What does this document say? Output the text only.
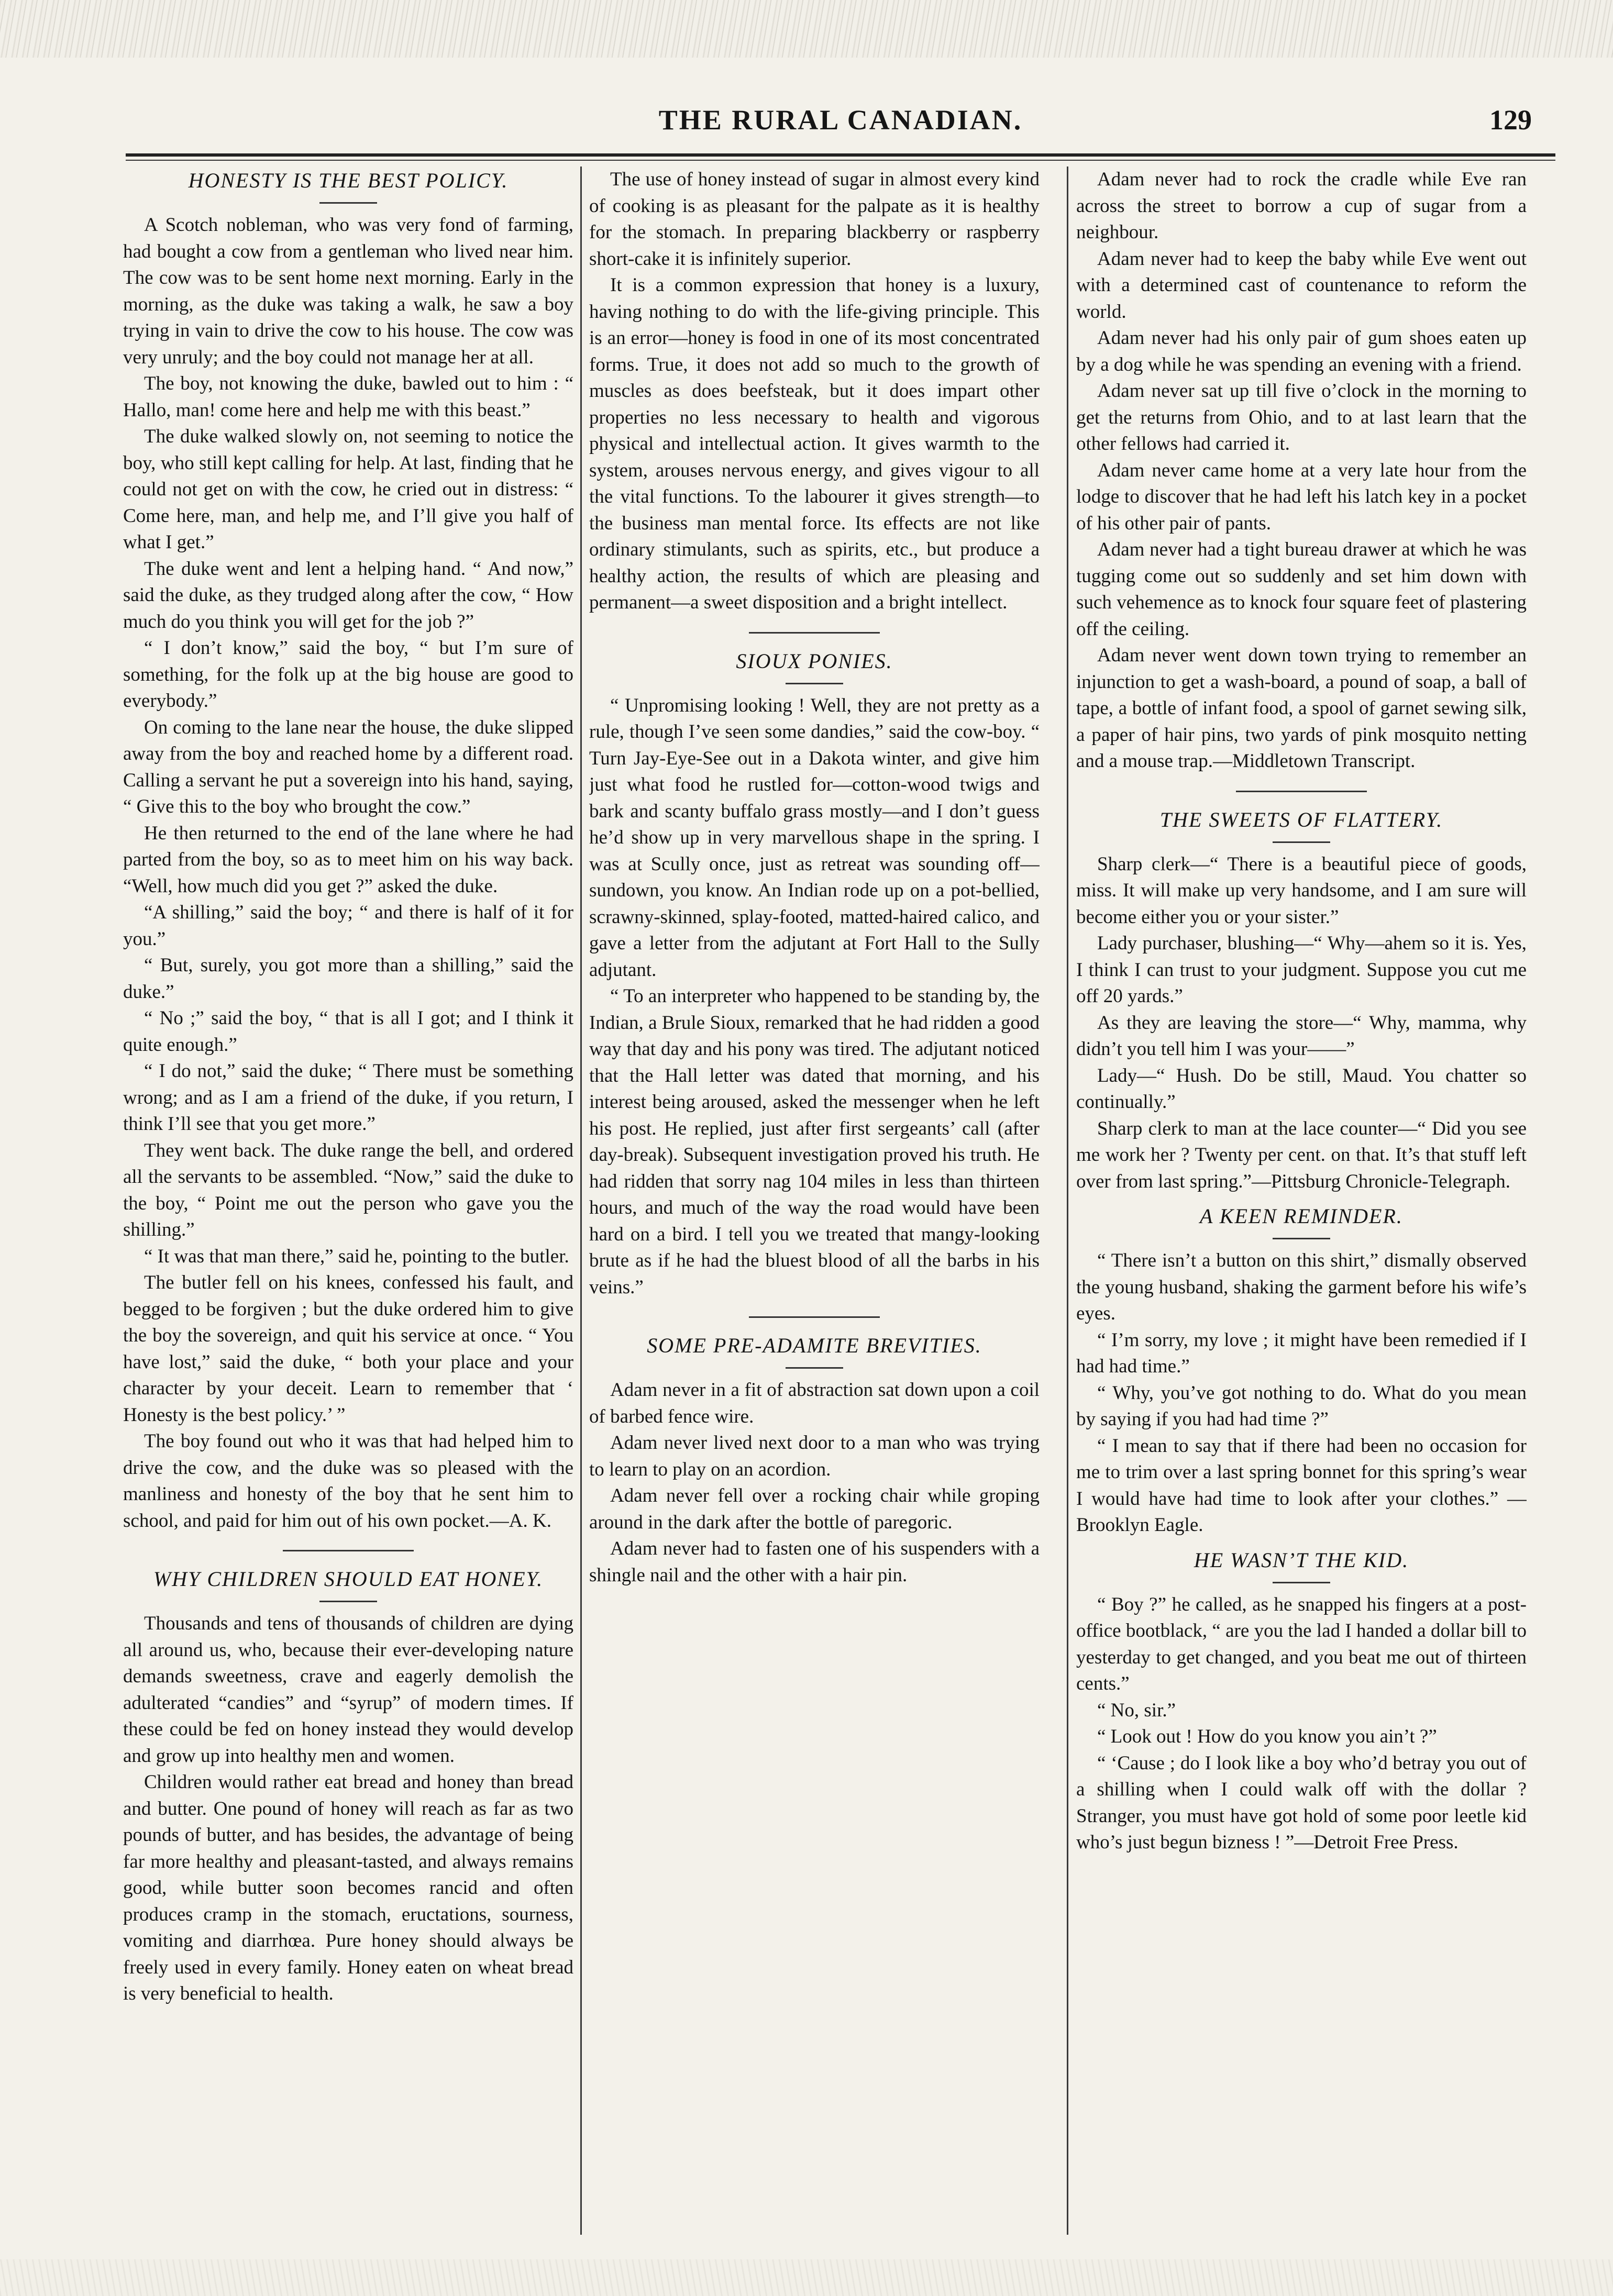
THE RURAL CANADIAN.	129
HONESTY IS THE BEST POLICY.

A Scotch nobleman, who was very fond of farming, had bought a cow from a gentleman who lived near him. The cow was to be sent home next morning. Early in the morning, as the duke was taking a walk, he saw a boy trying in vain to drive the cow to his house. The cow was very unruly; and the boy could not manage her at all.

The boy, not knowing the duke, bawled out to him : “ Hallo, man! come here and help me with this beast.”

The duke walked slowly on, not seeming to notice the boy, who still kept calling for help. At last, finding that he could not get on with the cow, he cried out in distress: “ Come here, man, and help me, and I’ll give you half of what I get.”

The duke went and lent a helping hand. “ And now,” said the duke, as they trudged along after the cow, “ How much do you think you will get for the job ?”

“ I don’t know,” said the boy, “ but I’m sure of something, for the folk up at the big house are good to everybody.”

On coming to the lane near the house, the duke slipped away from the boy and reached home by a different road. Calling a servant he put a sovereign into his hand, saying, “ Give this to the boy who brought the cow.”

He then returned to the end of the lane where he had parted from the boy, so as to meet him on his way back. “Well, how much did you get ?” asked the duke.

“A shilling,” said the boy; “ and there is half of it for you.”

“ But, surely, you got more than a shilling,” said the duke.”

“ No ;” said the boy, “ that is all I got; and I think it quite enough.”

“ I do not,” said the duke; “ There must be something wrong; and as I am a friend of the duke, if you return, I think I’ll see that you get more.”

They went back. The duke range the bell, and ordered all the servants to be assembled. “Now,” said the duke to the boy, “ Point me out the person who gave you the shilling.”

“ It was that man there,” said he, pointing to the butler.

The butler fell on his knees, confessed his fault, and begged to be forgiven ; but the duke ordered him to give the boy the sovereign, and quit his service at once. “ You have lost,” said the duke, “ both your place and your character by your deceit. Learn to remember that ‘ Honesty is the best policy.’ ”

The boy found out who it was that had helped him to drive the cow, and the duke was so pleased with the manliness and honesty of the boy that he sent him to school, and paid for him out of his own pocket.—A. K.

WHY CHILDREN SHOULD EAT HONEY.

Thousands and tens of thousands of children are dying all around us, who, because their ever-developing nature demands sweetness, crave and eagerly demolish the adulterated “candies” and “syrup” of modern times. If these could be fed on honey instead they would develop and grow up into healthy men and women.

Children would rather eat bread and honey than bread and butter. One pound of honey will reach as far as two pounds of butter, and has besides, the advantage of being far more healthy and pleasant-tasted, and always remains good, while butter soon becomes rancid and often produces cramp in the stomach, eructations, sourness, vomiting and diarrhœa. Pure honey should always be freely used in every family. Honey eaten on wheat bread is very beneficial to health.

The use of honey instead of sugar in almost every kind of cooking is as pleasant for the palpate as it is healthy for the stomach. In preparing blackberry or raspberry short-cake it is infinitely superior.

It is a common expression that honey is a luxury, having nothing to do with the life-giving principle. This is an error—honey is food in one of its most concentrated forms. True, it does not add so much to the growth of muscles as does beefsteak, but it does impart other properties no less necessary to health and vigorous physical and intellectual action. It gives warmth to the system, arouses nervous energy, and gives vigour to all the vital functions. To the labourer it gives strength—to the business man mental force. Its effects are not like ordinary stimulants, such as spirits, etc., but produce a healthy action, the results of which are pleasing and permanent—a sweet disposition and a bright intellect.

SIOUX PONIES.

“ Unpromising looking ! Well, they are not pretty as a rule, though I’ve seen some dandies,” said the cow-boy. “ Turn Jay-Eye-See out in a Dakota winter, and give him just what food he rustled for—cotton-wood twigs and bark and scanty buffalo grass mostly—and I don’t guess he’d show up in very marvellous shape in the spring. I was at Scully once, just as retreat was sounding off—sundown, you know. An Indian rode up on a pot-bellied, scrawny-skinned, splay-footed, matted-haired calico, and gave a letter from the adjutant at Fort Hall to the Sully adjutant.

“ To an interpreter who happened to be standing by, the Indian, a Brule Sioux, remarked that he had ridden a good way that day and his pony was tired. The adjutant noticed that the Hall letter was dated that morning, and his interest being aroused, asked the messenger when he left his post. He replied, just after first sergeants’ call (after day-break). Subsequent investigation proved his truth. He had ridden that sorry nag 104 miles in less than thirteen hours, and much of the way the road would have been hard on a bird. I tell you we treated that mangy-looking brute as if he had the bluest blood of all the barbs in his veins.”

SOME PRE-ADAMITE BREVITIES.

Adam never in a fit of abstraction sat down upon a coil of barbed fence wire.

Adam never lived next door to a man who was trying to learn to play on an acordion.

Adam never fell over a rocking chair while groping around in the dark after the bottle of paregoric.

Adam never had to fasten one of his suspenders with a shingle nail and the other with a hair pin.

Adam never had to rock the cradle while Eve ran across the street to borrow a cup of sugar from a neighbour.

Adam never had to keep the baby while Eve went out with a determined cast of countenance to reform the world.

Adam never had his only pair of gum shoes eaten up by a dog while he was spending an evening with a friend.

Adam never sat up till five o’clock in the morning to get the returns from Ohio, and to at last learn that the other fellows had carried it.

Adam never came home at a very late hour from the lodge to discover that he had left his latch key in a pocket of his other pair of pants.

Adam never had a tight bureau drawer at which he was tugging come out so suddenly and set him down with such vehemence as to knock four square feet of plastering off the ceiling.

Adam never went down town trying to remember an injunction to get a wash-board, a pound of soap, a ball of tape, a bottle of infant food, a spool of garnet sewing silk, a paper of hair pins, two yards of pink mosquito netting and a mouse trap.—Middletown Transcript.

THE SWEETS OF FLATTERY.

Sharp clerk—“ There is a beautiful piece of goods, miss. It will make up very handsome, and I am sure will become either you or your sister.”

Lady purchaser, blushing—“ Why—ahem so it is. Yes, I think I can trust to your judgment. Suppose you cut me off 20 yards.”

As they are leaving the store—“ Why, mamma, why didn’t you tell him I was your——”

Lady—“ Hush. Do be still, Maud. You chatter so continually.”

Sharp clerk to man at the lace counter—“ Did you see me work her ? Twenty per cent. on that. It’s that stuff left over from last spring.”—Pittsburg Chronicle-Telegraph.

A KEEN REMINDER.

“ There isn’t a button on this shirt,” dismally observed the young husband, shaking the garment before his wife’s eyes.

“ I’m sorry, my love ; it might have been remedied if I had had time.”

“ Why, you’ve got nothing to do. What do you mean by saying if you had had time ?”

“ I mean to say that if there had been no occasion for me to trim over a last spring bonnet for this spring’s wear I would have had time to look after your clothes.” — Brooklyn Eagle.

HE WASN’T THE KID.

“ Boy ?” he called, as he snapped his fingers at a post-office bootblack, “ are you the lad I handed a dollar bill to yesterday to get changed, and you beat me out of thirteen cents.”

“ No, sir.”

“ Look out ! How do you know you ain’t ?”

“ ‘Cause ; do I look like a boy who’d betray you out of a shilling when I could walk off with the dollar ? Stranger, you must have got hold of some poor leetle kid who’s just begun bizness ! ”—Detroit Free Press.
